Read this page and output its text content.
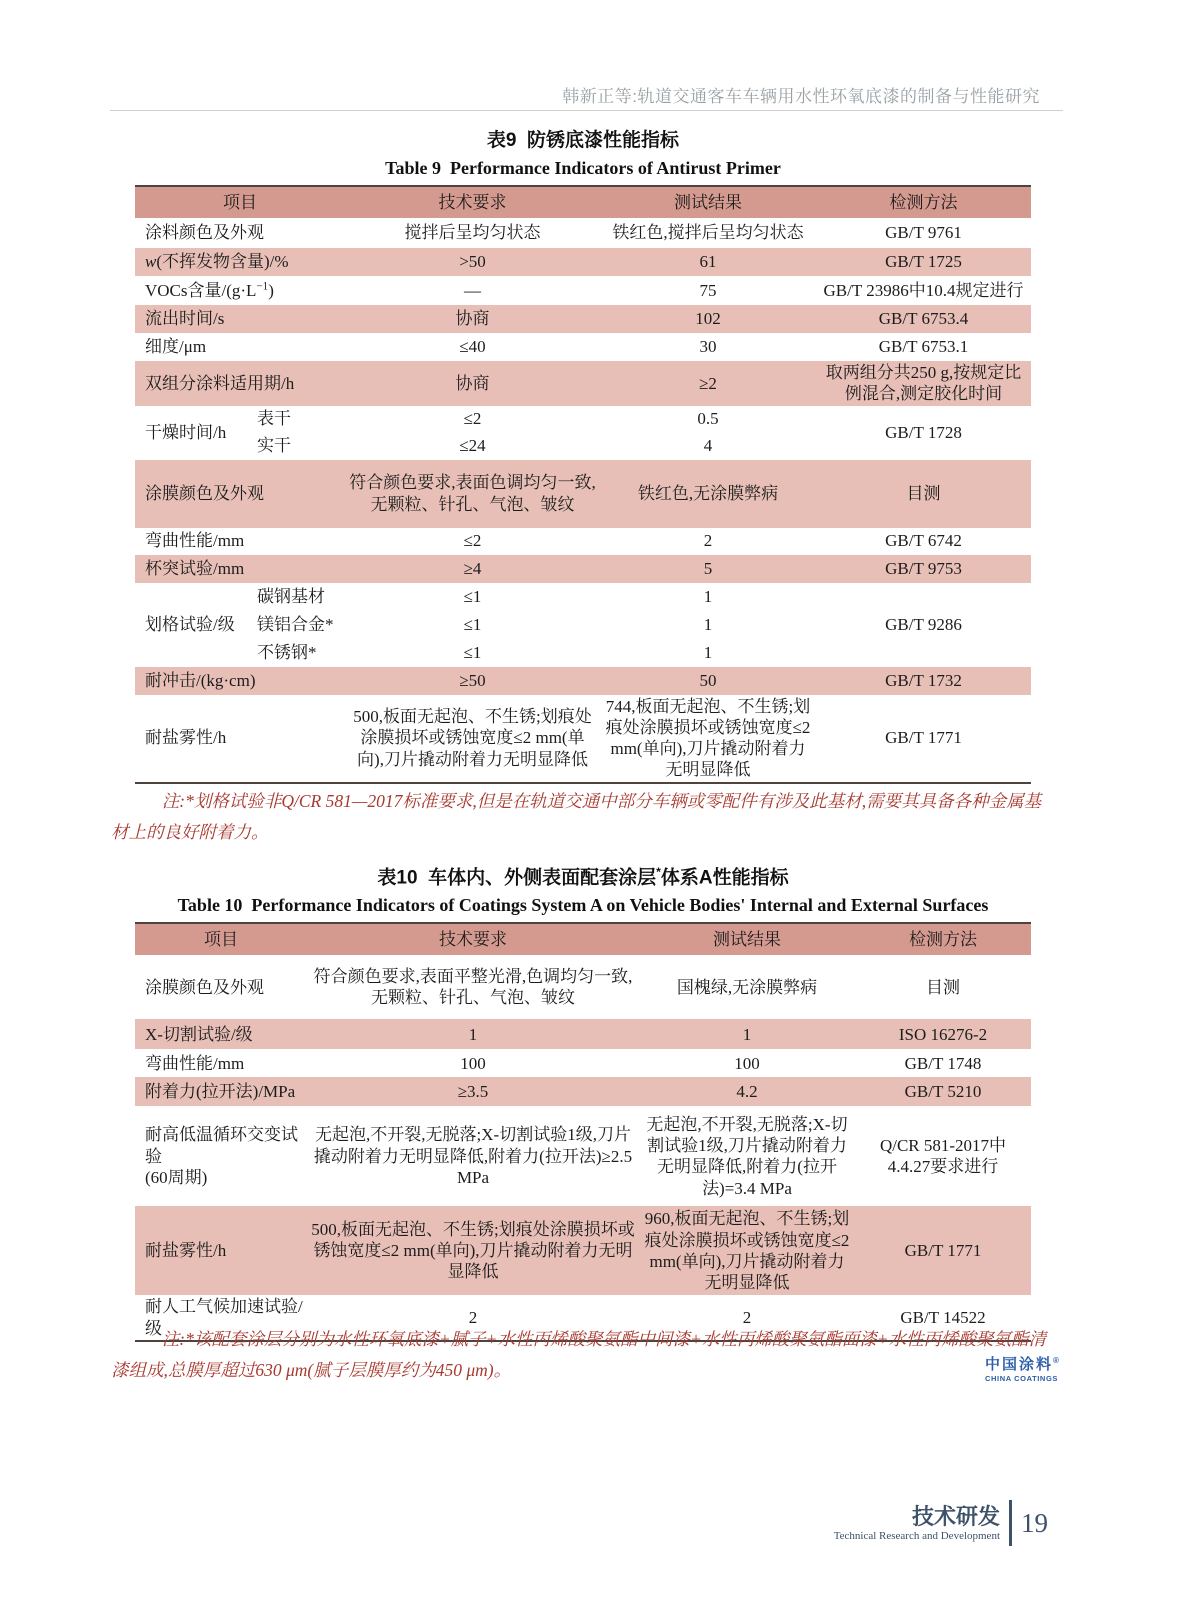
韩新正等:轨道交通客车车辆用水性环氧底漆的制备与性能研究
表9  防锈底漆性能指标
Table 9  Performance Indicators of Antirust Primer
项目		技术要求	测试结果	检测方法
涂料颜色及外观		搅拌后呈均匀状态	铁红色,搅拌后呈均匀状态	GB/T 9761
w(不挥发物含量)/%		>50	61	GB/T 1725
VOCs含量$/(g\cdot L^{-1})$		—	75	GB/T 23986中10.4规定进行
流出时间/s		协商	102	GB/T 6753.4
细度/μm		≤40	30	GB/T 6753.1
双组分涂料适用期/h		协商	≥2	取两组分共250 g,按规定比例混合,测定胶化时间
干燥时间/h	表干	≤2	0.5	GB/T 1728
	实干	≤24	4	
涂膜颜色及外观		符合颜色要求,表面色调均匀一致,无颗粒、针孔、气泡、皱纹	铁红色,无涂膜弊病	目测
弯曲性能/mm		≤2	2	GB/T 6742
杯突试验/mm		≥4	5	GB/T 9753
划格试验/级	碳钢基材	≤1	1	GB/T 9286
	镁铝合金*	≤1	1	
	不锈钢*	≤1	1	
耐冲击/(kg·cm)		≥50	50	GB/T 1732
耐盐雾性/h		500,板面无起泡、不生锈;划痕处涂膜损坏或锈蚀宽度≤2 mm(单向),刀片撬动附着力无明显降低	744,板面无起泡、不生锈;划痕处涂膜损坏或锈蚀宽度≤2 mm(单向),刀片撬动附着力无明显降低	GB/T 1771

注:*划格试验非Q/CR 581—2017标准要求,但是在轨道交通中部分车辆或零配件有涉及此基材,需要其具备各种金属基材上的良好附着力。

表10  车体内、外侧表面配套涂层*体系A性能指标
Table 10  Performance Indicators of Coatings System A on Vehicle Bodies' Internal and External Surfaces
项目	技术要求	测试结果	检测方法
涂膜颜色及外观	符合颜色要求,表面平整光滑,色调均匀一致,无颗粒、针孔、气泡、皱纹	国槐绿,无涂膜弊病	目测
X-切割试验/级	1	1	ISO 16276-2
弯曲性能/mm	100	100	GB/T 1748
附着力(拉开法)/MPa	≥3.5	4.2	GB/T 5210

耐高低温循环交变试验
(60周期)	无起泡,不开裂,无脱落;X-切割试验1级,刀片撬动附着力无明显降低,附着力(拉开法)≥2.5 MPa	无起泡,不开裂,无脱落;X-切割试验1级,刀片撬动附着力无明显降低,附着力(拉开法)=3.4 MPa	Q/CR 581-2017中4.4.27要求进行
耐盐雾性/h	500,板面无起泡、不生锈;划痕处涂膜损坏或锈蚀宽度≤2 mm(单向),刀片撬动附着力无明显降低	960,板面无起泡、不生锈;划痕处涂膜损坏或锈蚀宽度≤2 mm(单向),刀片撬动附着力无明显降低	GB/T 1771
耐人工气候加速试验/级	2	2	GB/T 14522

注:*该配套涂层分别为水性环氧底漆+腻子+水性丙烯酸聚氨酯中间漆+水性丙烯酸聚氨酯面漆+水性丙烯酸聚氨酯清漆组成,总膜厚超过630 μm(腻子层膜厚约为450 μm)。	中国涂料®
CHINA COATINGS
技术研发
Technical Research and Development 19
